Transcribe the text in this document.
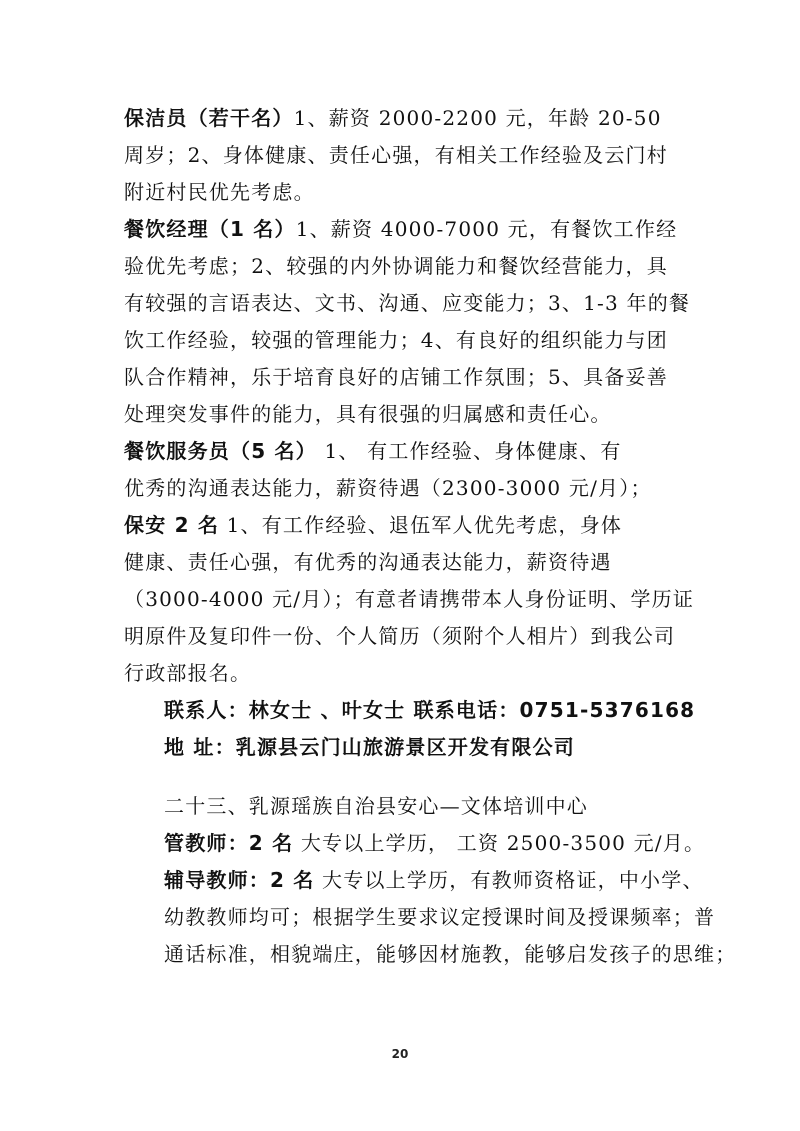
保洁员（若干名）1、薪资 2000-2200 元，年龄 20-50
周岁；2、身体健康、责任心强，有相关工作经验及云门村
附近村民优先考虑。
餐饮经理（1 名）1、薪资 4000-7000 元，有餐饮工作经
验优先考虑；2、较强的内外协调能力和餐饮经营能力，具
有较强的言语表达、文书、沟通、应变能力；3、1-3 年的餐
饮工作经验，较强的管理能力；4、有良好的组织能力与团
队合作精神，乐于培育良好的店铺工作氛围；5、具备妥善
处理突发事件的能力，具有很强的归属感和责任心。
餐饮服务员（5 名） 1、 有工作经验、身体健康、有
优秀的沟通表达能力，薪资待遇（2300-3000 元/月）；
保安 2 名 1、有工作经验、退伍军人优先考虑，身体
健康、责任心强，有优秀的沟通表达能力，薪资待遇
（3000-4000 元/月）；有意者请携带本人身份证明、学历证
明原件及复印件一份、个人简历（须附个人相片）到我公司
行政部报名。
联系人：林女士 、叶女士 联系电话：0751-5376168
地 址：乳源县云门山旅游景区开发有限公司
二十三、乳源瑶族自治县安心—文体培训中心
管教师：2 名 大专以上学历， 工资 2500-3500 元/月。
辅导教师：2 名 大专以上学历，有教师资格证，中小学、
幼教教师均可；根据学生要求议定授课时间及授课频率；普
通话标准，相貌端庄，能够因材施教，能够启发孩子的思维；
20
